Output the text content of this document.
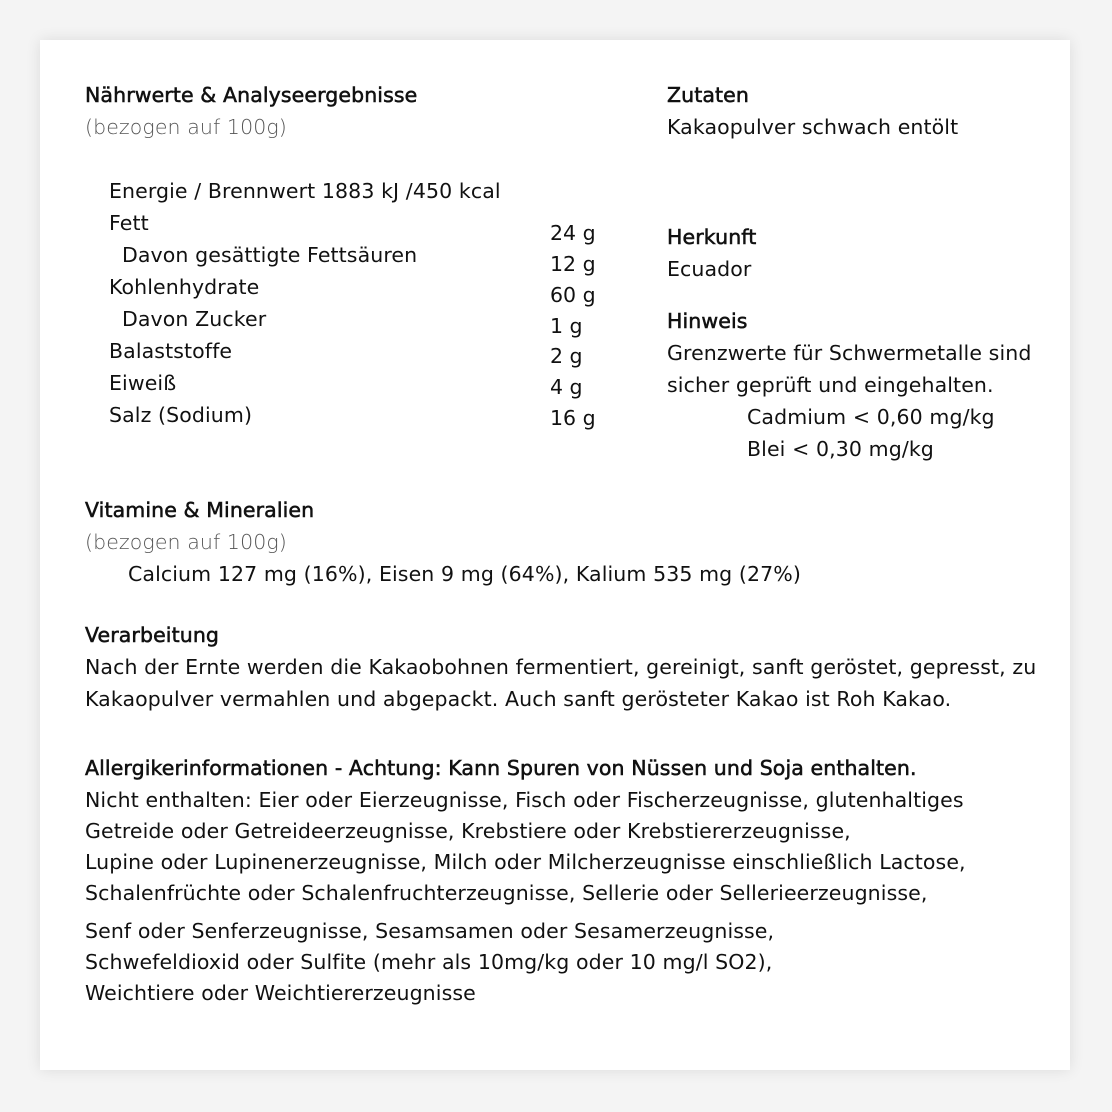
Nährwerte & Analyseergebnisse
(bezogen auf 100g)
Energie / Brennwert 1883 kJ /450 kcal
Fett
Davon gesättigte Fettsäuren
Kohlenhydrate
Davon Zucker
Balaststoffe
Eiweiß
Salz (Sodium)
24 g
12 g
60 g
1 g
2 g
4 g
16 g
Zutaten
Kakaopulver schwach entölt
Herkunft
Ecuador
Hinweis
Grenzwerte für Schwermetalle sind
sicher geprüft und eingehalten.
Cadmium < 0,60 mg/kg
Blei < 0,30 mg/kg
Vitamine & Mineralien
(bezogen auf 100g)
Calcium 127 mg (16%), Eisen 9 mg (64%), Kalium 535 mg (27%)
Verarbeitung
Nach der Ernte werden die Kakaobohnen fermentiert, gereinigt, sanft geröstet, gepresst, zu
Kakaopulver vermahlen und abgepackt. Auch sanft gerösteter Kakao ist Roh Kakao.
Allergikerinformationen - Achtung: Kann Spuren von Nüssen und Soja enthalten.
Nicht enthalten: Eier oder Eierzeugnisse, Fisch oder Fischerzeugnisse, glutenhaltiges
Getreide oder Getreideerzeugnisse, Krebstiere oder Krebstiererzeugnisse,
Lupine oder Lupinenerzeugnisse, Milch oder Milcherzeugnisse einschließlich Lactose,
Schalenfrüchte oder Schalenfruchterzeugnisse, Sellerie oder Sellerieerzeugnisse,
Senf oder Senferzeugnisse, Sesamsamen oder Sesamerzeugnisse,
Schwefeldioxid oder Sulfite (mehr als 10mg/kg oder 10 mg/l SO2),
Weichtiere oder Weichtiererzeugnisse
